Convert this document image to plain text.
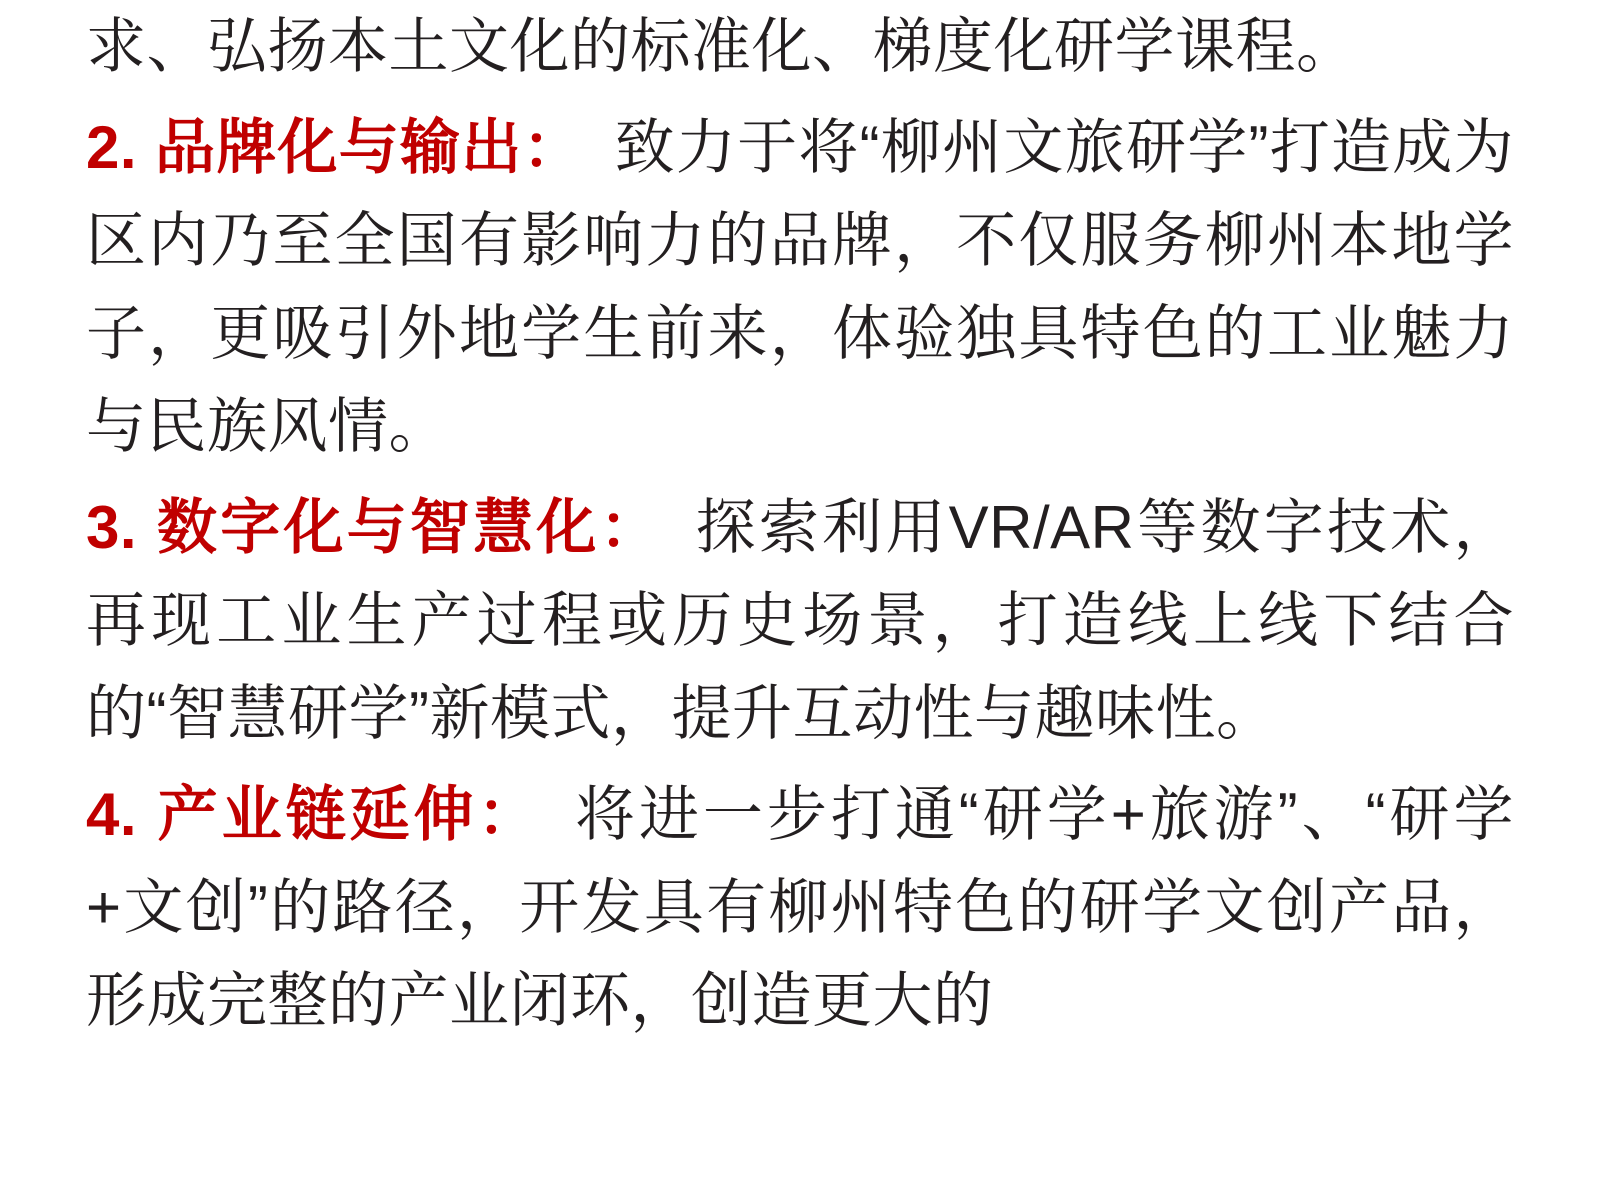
求、弘扬本土文化的标准化、梯度化研学课程。

2. 品牌化与输出： 致力于将“柳州文旅研学”打造成为区内乃至全国有影响力的品牌，不仅服务柳州本地学子，更吸引外地学生前来，体验独具特色的工业魅力与民族风情。

3. 数字化与智慧化： 探索利用VR/AR等数字技术，再现工业生产过程或历史场景，打造线上线下结合的“智慧研学”新模式，提升互动性与趣味性。

4. 产业链延伸： 将进一步打通“研学+旅游”、“研学+文创”的路径，开发具有柳州特色的研学文创产品，形成完整的产业闭环，创造更大的
